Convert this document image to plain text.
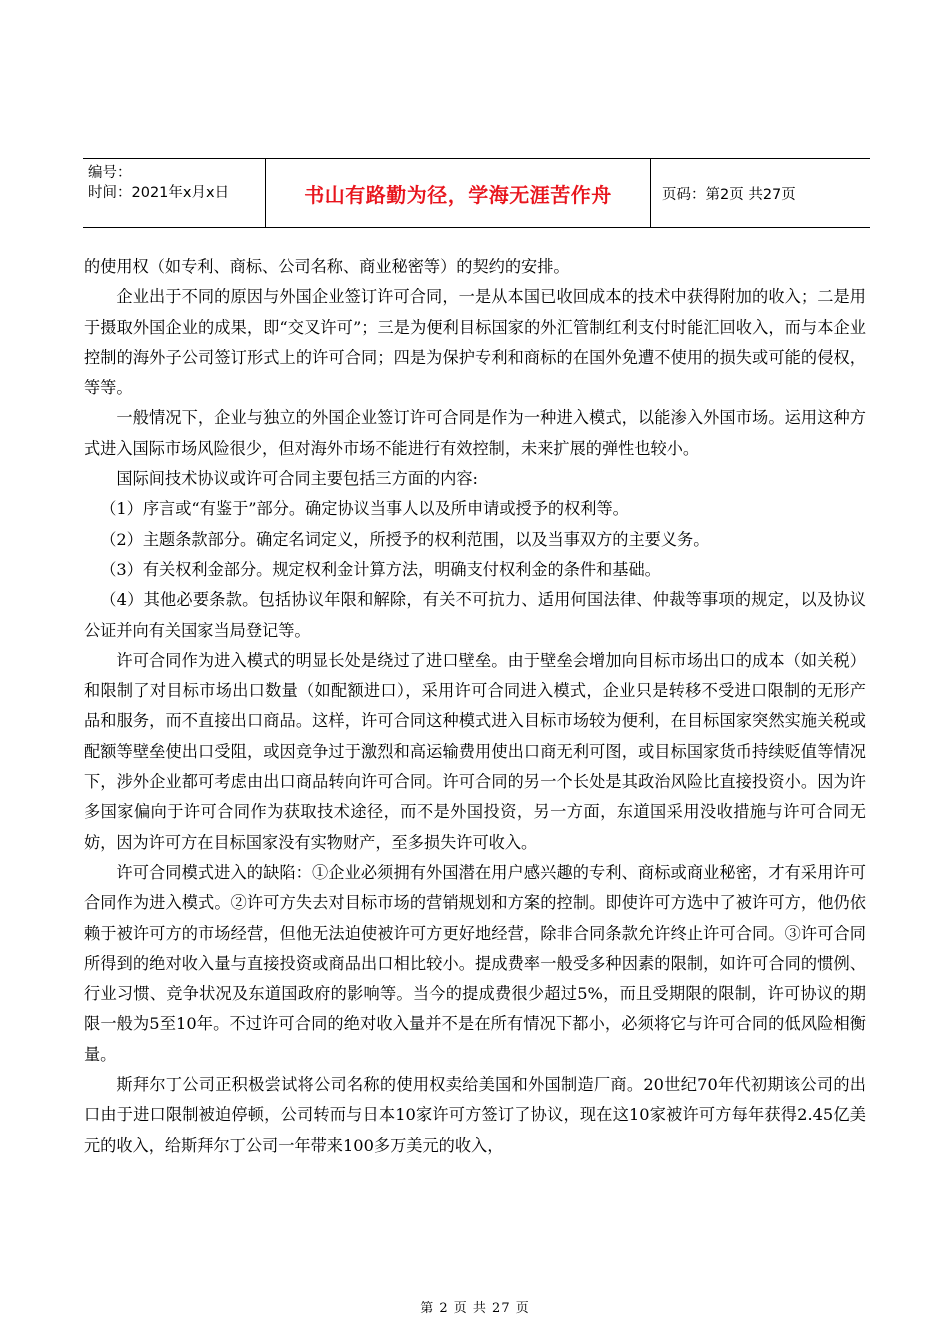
编号：
时间：2021年x月x日	书山有路勤为径，学海无涯苦作舟	页码：第2页 共27页

的使用权（如专利、商标、公司名称、商业秘密等）的契约的安排。

企业出于不同的原因与外国企业签订许可合同，一是从本国已收回成本的技术中获得附加的收入；二是用于摄取外国企业的成果，即“交叉许可”；三是为便利目标国家的外汇管制红利支付时能汇回收入，而与本企业控制的海外子公司签订形式上的许可合同；四是为保护专利和商标的在国外免遭不使用的损失或可能的侵权，等等。

一般情况下，企业与独立的外国企业签订许可合同是作为一种进入模式，以能渗入外国市场。运用这种方式进入国际市场风险很少，但对海外市场不能进行有效控制，未来扩展的弹性也较小。

国际间技术协议或许可合同主要包括三方面的内容:

（1）序言或“有鉴于”部分。确定协议当事人以及所申请或授予的权利等。

（2）主题条款部分。确定名词定义，所授予的权利范围，以及当事双方的主要义务。

（3）有关权利金部分。规定权利金计算方法，明确支付权利金的条件和基础。

（4）其他必要条款。包括协议年限和解除，有关不可抗力、适用何国法律、仲裁等事项的规定，以及协议公证并向有关国家当局登记等。

许可合同作为进入模式的明显长处是绕过了进口壁垒。由于壁垒会增加向目标市场出口的成本（如关税）和限制了对目标市场出口数量（如配额进口），采用许可合同进入模式，企业只是转移不受进口限制的无形产品和服务，而不直接出口商品。这样，许可合同这种模式进入目标市场较为便利，在目标国家突然实施关税或配额等壁垒使出口受阻，或因竞争过于激烈和高运输费用使出口商无利可图，或目标国家货币持续贬值等情况下，涉外企业都可考虑由出口商品转向许可合同。许可合同的另一个长处是其政治风险比直接投资小。因为许多国家偏向于许可合同作为获取技术途径，而不是外国投资，另一方面，东道国采用没收措施与许可合同无妨，因为许可方在目标国家没有实物财产，至多损失许可收入。

许可合同模式进入的缺陷：①企业必须拥有外国潜在用户感兴趣的专利、商标或商业秘密，才有采用许可合同作为进入模式。②许可方失去对目标市场的营销规划和方案的控制。即使许可方选中了被许可方，他仍依赖于被许可方的市场经营，但他无法迫使被许可方更好地经营，除非合同条款允许终止许可合同。③许可合同所得到的绝对收入量与直接投资或商品出口相比较小。提成费率一般受多种因素的限制，如许可合同的惯例、行业习惯、竞争状况及东道国政府的影响等。当今的提成费很少超过5%，而且受期限的限制，许可协议的期限一般为5至10年。不过许可合同的绝对收入量并不是在所有情况下都小，必须将它与许可合同的低风险相衡量。

斯拜尔丁公司正积极尝试将公司名称的使用权卖给美国和外国制造厂商。20世纪70年代初期该公司的出口由于进口限制被迫停顿，公司转而与日本10家许可方签订了协议，现在这10家被许可方每年获得2.45亿美元的收入，给斯拜尔丁公司一年带来100多万美元的收入，

第 2 页 共 27 页
